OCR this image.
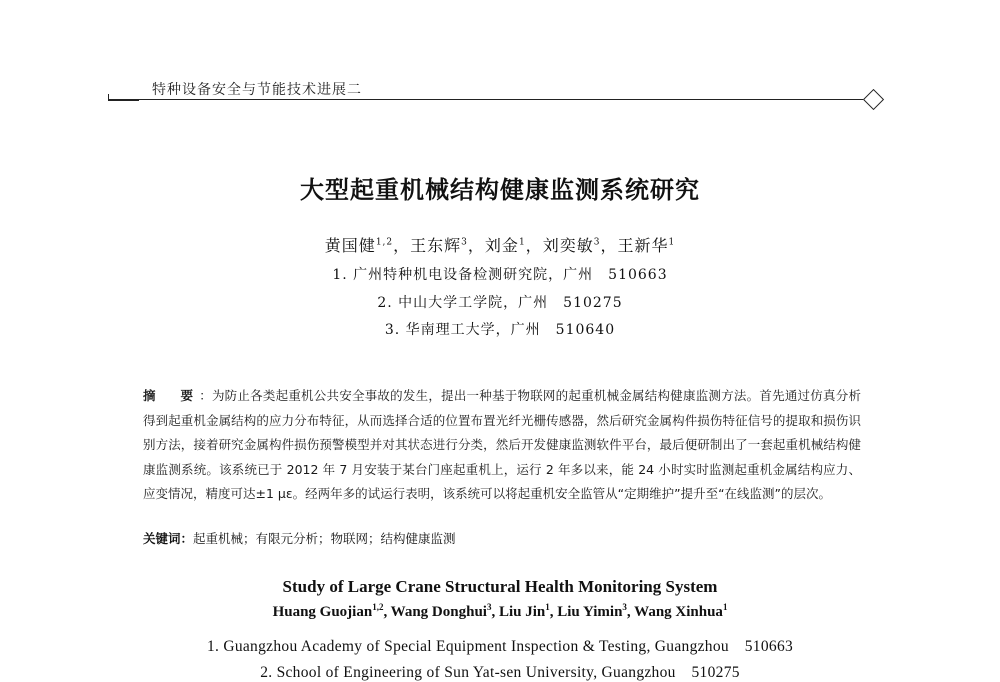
特种设备安全与节能技术进展二
大型起重机械结构健康监测系统研究
黄国健$^{1,2}$，王东辉$^3$，刘金$^1$，刘奕敏$^3$，王新华$^1$
1. 广州特种机电设备检测研究院，广州　510663
2. 中山大学工学院，广州　510275
3. 华南理工大学，广州　510640
摘　要：为防止各类起重机公共安全事故的发生，提出一种基于物联网的起重机械金属结构健康监测方法。首先通过仿真分析得到起重机金属结构的应力分布特征，从而选择合适的位置布置光纤光栅传感器，然后研究金属构件损伤特征信号的提取和损伤识别方法，接着研究金属构件损伤预警模型并对其状态进行分类，然后开发健康监测软件平台，最后便研制出了一套起重机械结构健康监测系统。该系统已于 2012 年 7 月安装于某台门座起重机上，运行 2 年多以来，能 24 小时实时监测起重机金属结构应力、应变情况，精度可达±1 με。经两年多的试运行表明，该系统可以将起重机安全监管从“定期维护”提升至“在线监测”的层次。
关键词：起重机械；有限元分析；物联网；结构健康监测
Study of Large Crane Structural Health Monitoring System
Huang Guojian$^{1,2}$, Wang Donghui$^3$, Liu Jin$^1$, Liu Yimin$^3$, Wang Xinhua$^1$
1. Guangzhou Academy of Special Equipment Inspection & Testing, Guangzhou　510663
2. School of Engineering of Sun Yat-sen University, Guangzhou　510275
